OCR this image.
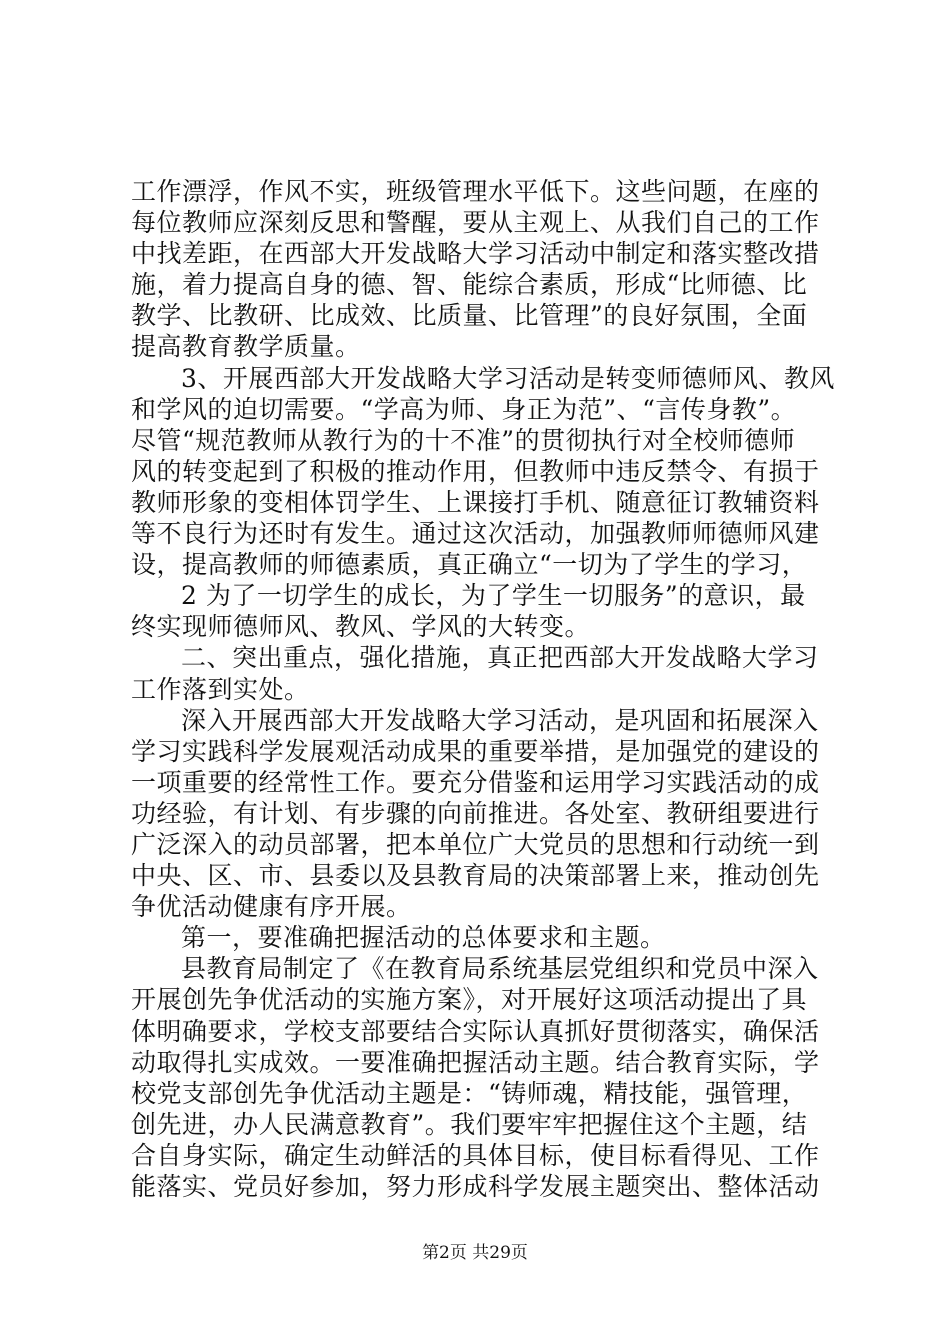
工作漂浮，作风不实，班级管理水平低下。这些问题，在座的
每位教师应深刻反思和警醒，要从主观上、从我们自己的工作
中找差距，在西部大开发战略大学习活动中制定和落实整改措
施，着力提高自身的德、智、能综合素质，形成“比师德、比
教学、比教研、比成效、比质量、比管理”的良好氛围，全面
提高教育教学质量。
3、开展西部大开发战略大学习活动是转变师德师风、教风
和学风的迫切需要。“学高为师、身正为范”、“言传身教”。
尽管“规范教师从教行为的十不准”的贯彻执行对全校师德师
风的转变起到了积极的推动作用，但教师中违反禁令、有损于
教师形象的变相体罚学生、上课接打手机、随意征订教辅资料
等不良行为还时有发生。通过这次活动，加强教师师德师风建
设，提高教师的师德素质，真正确立“一切为了学生的学习，
2 为了一切学生的成长，为了学生一切服务”的意识，最
终实现师德师风、教风、学风的大转变。
二、突出重点，强化措施，真正把西部大开发战略大学习
工作落到实处。
深入开展西部大开发战略大学习活动，是巩固和拓展深入
学习实践科学发展观活动成果的重要举措，是加强党的建设的
一项重要的经常性工作。要充分借鉴和运用学习实践活动的成
功经验，有计划、有步骤的向前推进。各处室、教研组要进行
广泛深入的动员部署，把本单位广大党员的思想和行动统一到
中央、区、市、县委以及县教育局的决策部署上来，推动创先
争优活动健康有序开展。
第一，要准确把握活动的总体要求和主题。
县教育局制定了《在教育局系统基层党组织和党员中深入
开展创先争优活动的实施方案》，对开展好这项活动提出了具
体明确要求，学校支部要结合实际认真抓好贯彻落实，确保活
动取得扎实成效。一要准确把握活动主题。结合教育实际，学
校党支部创先争优活动主题是：“铸师魂，精技能，强管理，
创先进，办人民满意教育”。我们要牢牢把握住这个主题，结
合自身实际，确定生动鲜活的具体目标，使目标看得见、工作
能落实、党员好参加，努力形成科学发展主题突出、整体活动
第2页 共29页
